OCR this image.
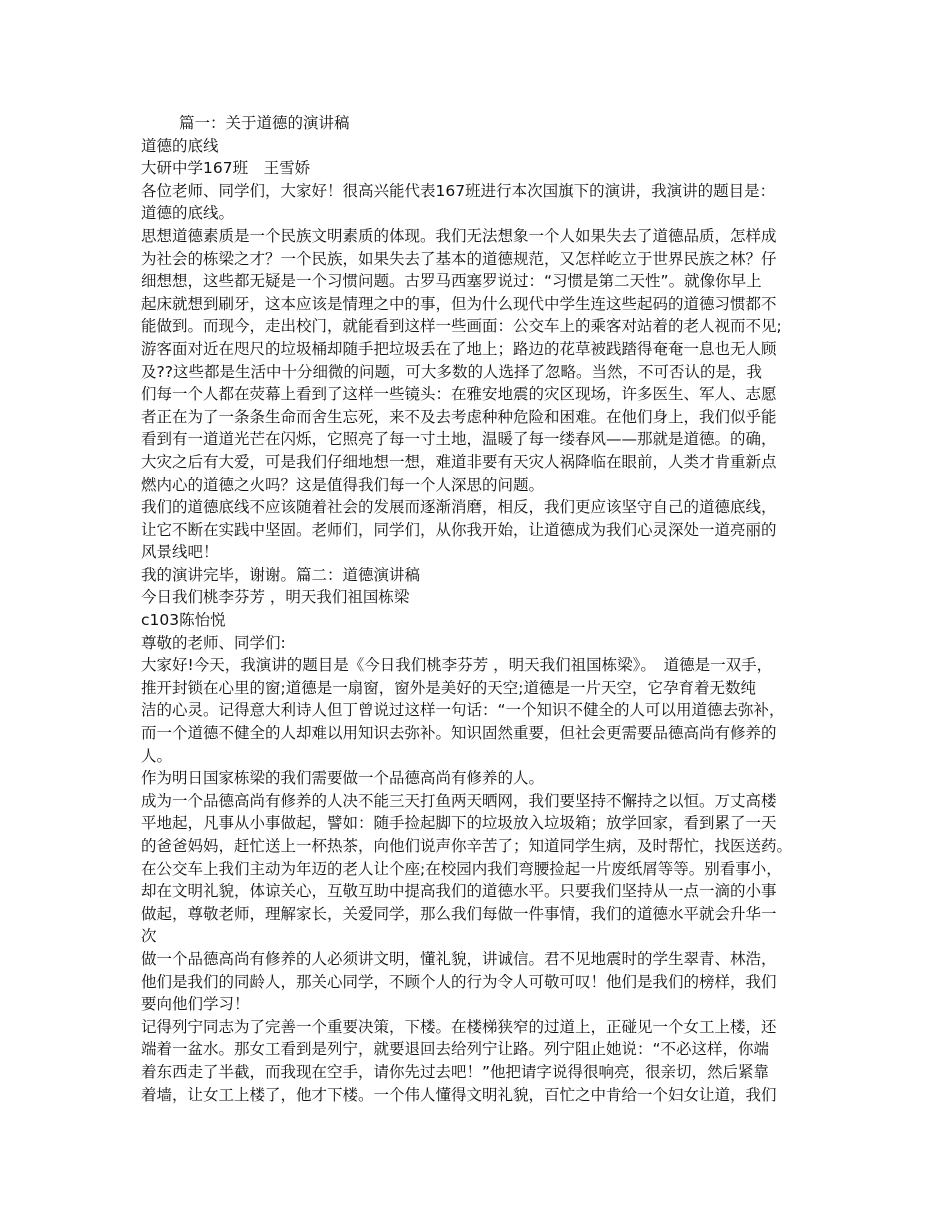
篇一：关于道德的演讲稿
道德的底线
大研中学167班　王雪娇
各位老师、同学们，大家好！很高兴能代表167班进行本次国旗下的演讲，我演讲的题目是：
道德的底线。
思想道德素质是一个民族文明素质的体现。我们无法想象一个人如果失去了道德品质，怎样成
为社会的栋梁之才？一个民族，如果失去了基本的道德规范，又怎样屹立于世界民族之林？仔
细想想，这些都无疑是一个习惯问题。古罗马西塞罗说过：“习惯是第二天性”。就像你早上
起床就想到刷牙，这本应该是情理之中的事，但为什么现代中学生连这些起码的道德习惯都不
能做到。而现今，走出校门，就能看到这样一些画面：公交车上的乘客对站着的老人视而不见;
游客面对近在咫尺的垃圾桶却随手把垃圾丢在了地上；路边的花草被践踏得奄奄一息也无人顾
及??这些都是生活中十分细微的问题，可大多数的人选择了忽略。当然，不可否认的是，我
们每一个人都在荧幕上看到了这样一些镜头：在雅安地震的灾区现场，许多医生、军人、志愿
者正在为了一条条生命而舍生忘死，来不及去考虑种种危险和困难。在他们身上，我们似乎能
看到有一道道光芒在闪烁，它照亮了每一寸土地，温暖了每一缕春风——那就是道德。的确，
大灾之后有大爱，可是我们仔细地想一想，难道非要有天灾人祸降临在眼前，人类才肯重新点
燃内心的道德之火吗？这是值得我们每一个人深思的问题。
我们的道德底线不应该随着社会的发展而逐渐消磨，相反，我们更应该坚守自己的道德底线，
让它不断在实践中坚固。老师们，同学们，从你我开始，让道德成为我们心灵深处一道亮丽的
风景线吧！
我的演讲完毕，谢谢。篇二：道德演讲稿
今日我们桃李芬芳 ，明天我们祖国栋梁
c103陈怡悦
尊敬的老师、同学们:
大家好!今天，我演讲的题目是《今日我们桃李芬芳 ，明天我们祖国栋梁》。　道德是一双手，
推开封锁在心里的窗;道德是一扇窗，窗外是美好的天空;道德是一片天空，它孕育着无数纯
洁的心灵。记得意大利诗人但丁曾说过这样一句话：“一个知识不健全的人可以用道德去弥补，
而一个道德不健全的人却难以用知识去弥补。知识固然重要，但社会更需要品德高尚有修养的
人。
作为明日国家栋梁的我们需要做一个品德高尚有修养的人。
成为一个品德高尚有修养的人决不能三天打鱼两天晒网，我们要坚持不懈持之以恒。万丈高楼
平地起，凡事从小事做起，譬如：随手捡起脚下的垃圾放入垃圾箱；放学回家，看到累了一天
的爸爸妈妈，赶忙送上一杯热茶，向他们说声你辛苦了；知道同学生病，及时帮忙，找医送药。
在公交车上我们主动为年迈的老人让个座;在校园内我们弯腰捡起一片废纸屑等等。别看事小，
却在文明礼貌，体谅关心，互敬互助中提高我们的道德水平。只要我们坚持从一点一滴的小事
做起，尊敬老师，理解家长，关爱同学，那么我们每做一件事情，我们的道德水平就会升华一
次
做一个品德高尚有修养的人必须讲文明，懂礼貌，讲诚信。君不见地震时的学生翠青、林浩，
他们是我们的同龄人，那关心同学，不顾个人的行为令人可敬可叹！他们是我们的榜样，我们
要向他们学习！
记得列宁同志为了完善一个重要决策，下楼。在楼梯狭窄的过道上，正碰见一个女工上楼，还
端着一盆水。那女工看到是列宁，就要退回去给列宁让路。列宁阻止她说：“不必这样，你端
着东西走了半截，而我现在空手，请你先过去吧！”他把请字说得很响亮，很亲切，然后紧靠
着墙，让女工上楼了，他才下楼。一个伟人懂得文明礼貌，百忙之中肯给一个妇女让道，我们
